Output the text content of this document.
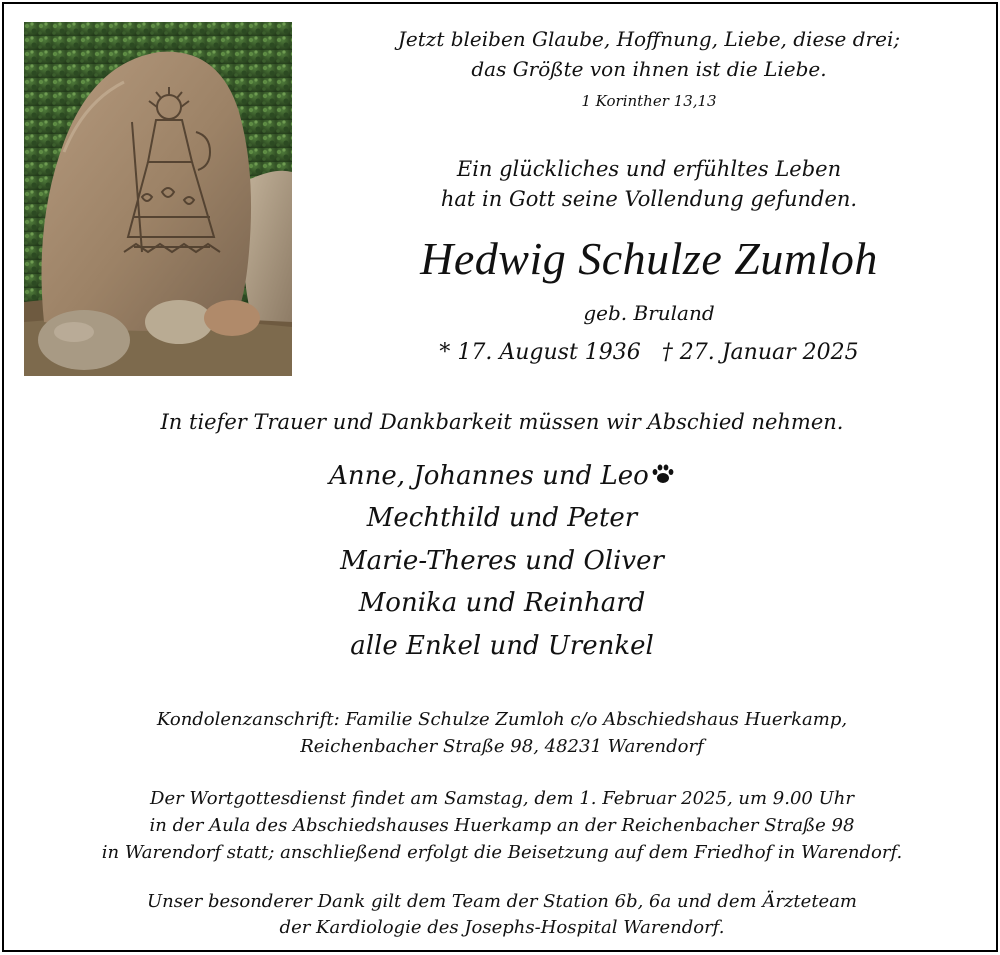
Jetzt bleiben Glaube, Hoffnung, Liebe, diese drei;
das Größte von ihnen ist die Liebe.
1 Korinther 13,13
Ein glückliches und erfühltes Leben
hat in Gott seine Vollendung gefunden.
Hedwig Schulze Zumloh
geb. Bruland
* 17. August 1936   † 27. Januar 2025
In tiefer Trauer und Dankbarkeit müssen wir Abschied nehmen.
Anne, Johannes und Leo
Mechthild und Peter
Marie-Theres und Oliver
Monika und Reinhard
alle Enkel und Urenkel
Kondolenzanschrift: Familie Schulze Zumloh c/o Abschiedshaus Huerkamp,
Reichenbacher Straße 98, 48231 Warendorf
Der Wortgottesdienst findet am Samstag, dem 1. Februar 2025, um 9.00 Uhr
in der Aula des Abschiedshauses Huerkamp an der Reichenbacher Straße 98
in Warendorf statt; anschließend erfolgt die Beisetzung auf dem Friedhof in Warendorf.
Unser besonderer Dank gilt dem Team der Station 6b, 6a und dem Ärzteteam
der Kardiologie des Josephs-Hospital Warendorf.
